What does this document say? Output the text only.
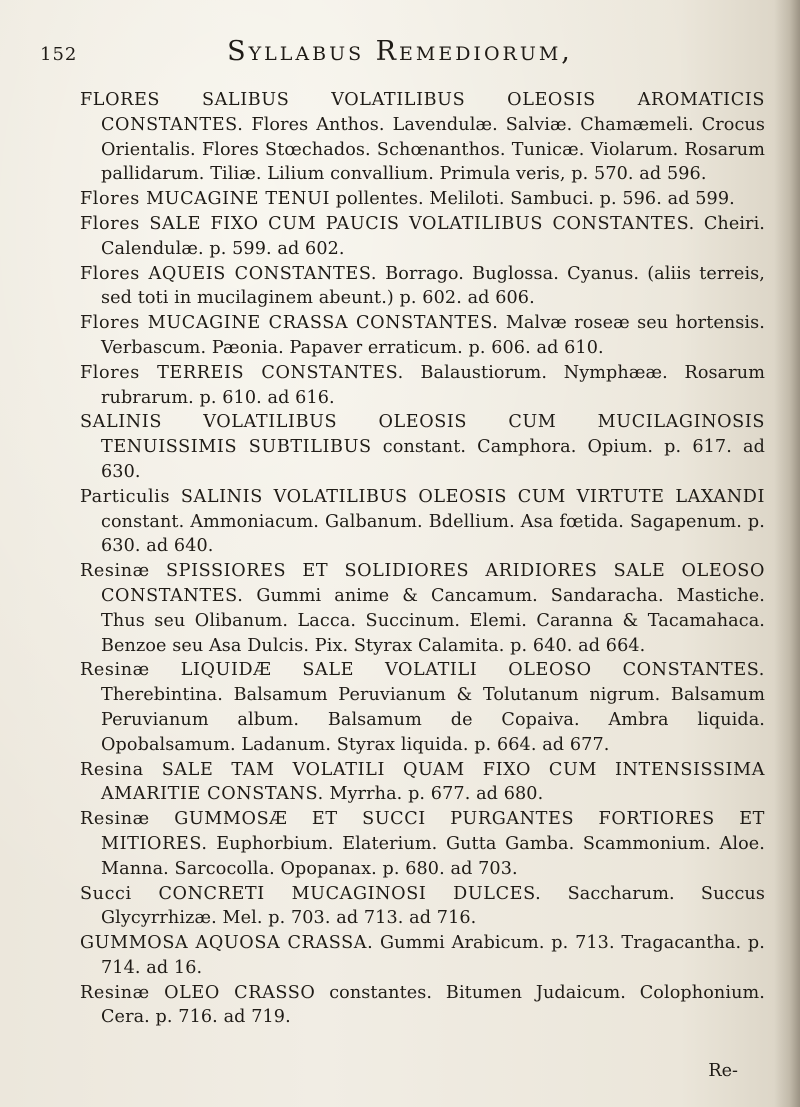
152	Syllabus Remediorum,

FLORES SALIBUS VOLATILIBUS OLEOSIS AROMATICIS CONSTANTES. Flores Anthos. Lavendulæ. Salviæ. Chamæmeli. Crocus Orientalis. Flores Stœchados. Schœnanthos. Tunicæ. Violarum. Rosarum pallidarum. Tiliæ. Lilium convallium. Primula veris, p. 570. ad 596.

Flores MUCAGINE TENUI pollentes. Meliloti. Sambuci. p. 596. ad 599.

Flores SALE FIXO CUM PAUCIS VOLATILIBUS CONSTANTES. Cheiri. Calendulæ. p. 599. ad 602.

Flores AQUEIS CONSTANTES. Borrago. Buglossa. Cyanus. (aliis terreis, sed toti in mucilaginem abeunt.) p. 602. ad 606.

Flores MUCAGINE CRASSA CONSTANTES. Malvæ roseæ seu hortensis. Verbascum. Pæonia. Papaver erraticum. p. 606. ad 610.

Flores TERREIS CONSTANTES. Balaustiorum. Nymphææ. Rosarum rubrarum. p. 610. ad 616.

SALINIS VOLATILIBUS OLEOSIS CUM MUCILAGINOSIS TENUISSIMIS SUBTILIBUS constant. Camphora. Opium. p. 617. ad 630.

Particulis SALINIS VOLATILIBUS OLEOSIS CUM VIRTUTE LAXANDI constant. Ammoniacum. Galbanum. Bdellium. Asa fœtida. Sagapenum. p. 630. ad 640.

Resinæ SPISSIORES ET SOLIDIORES ARIDIORES SALE OLEOSO CONSTANTES. Gummi anime & Cancamum. Sandaracha. Mastiche. Thus seu Olibanum. Lacca. Succinum. Elemi. Caranna & Tacamahaca. Benzoe seu Asa Dulcis. Pix. Styrax Calamita. p. 640. ad 664.

Resinæ LIQUIDÆ SALE VOLATILI OLEOSO CONSTANTES. Therebintina. Balsamum Peruvianum & Tolutanum nigrum. Balsamum Peruvianum album. Balsamum de Copaiva. Ambra liquida. Opobalsamum. Ladanum. Styrax liquida. p. 664. ad 677.

Resina SALE TAM VOLATILI QUAM FIXO CUM INTENSISSIMA AMARITIE CONSTANS. Myrrha. p. 677. ad 680.

Resinæ GUMMOSÆ ET SUCCI PURGANTES FORTIORES ET MITIORES. Euphorbium. Elaterium. Gutta Gamba. Scammonium. Aloe. Manna. Sarcocolla. Opopanax. p. 680. ad 703.

Succi CONCRETI MUCAGINOSI DULCES. Saccharum. Succus Glycyrrhizæ. Mel. p. 703. ad 713. ad 716.

GUMMOSA AQUOSA CRASSA. Gummi Arabicum. p. 713. Tragacantha. p. 714. ad 16.

Resinæ OLEO CRASSO constantes. Bitumen Judaicum. Colophonium. Cera. p. 716. ad 719.

Re-
